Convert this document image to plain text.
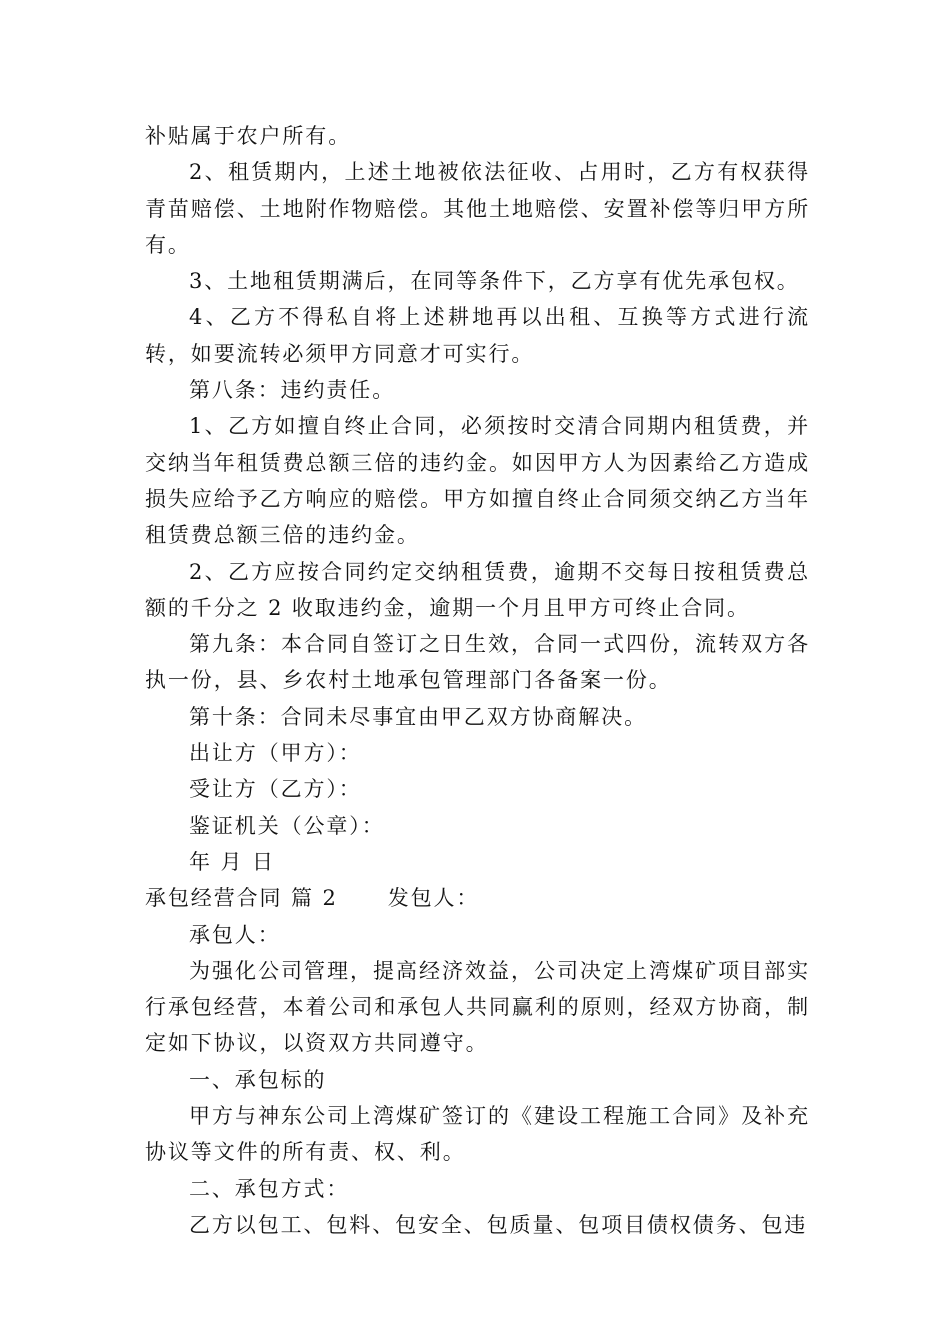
补贴属于农户所有。

2、租赁期内，上述土地被依法征收、占用时，乙方有权获得青苗赔偿、土地附作物赔偿。其他土地赔偿、安置补偿等归甲方所有。

3、土地租赁期满后，在同等条件下，乙方享有优先承包权。

4、乙方不得私自将上述耕地再以出租、互换等方式进行流转，如要流转必须甲方同意才可实行。

第八条：违约责任。

1、乙方如擅自终止合同，必须按时交清合同期内租赁费，并交纳当年租赁费总额三倍的违约金。如因甲方人为因素给乙方造成损失应给予乙方响应的赔偿。甲方如擅自终止合同须交纳乙方当年租赁费总额三倍的违约金。

2、乙方应按合同约定交纳租赁费，逾期不交每日按租赁费总额的千分之 2 收取违约金，逾期一个月且甲方可终止合同。

第九条：本合同自签订之日生效，合同一式四份，流转双方各执一份，县、乡农村土地承包管理部门各备案一份。

第十条：合同未尽事宜由甲乙双方协商解决。

出让方（甲方）：

受让方（乙方）：

鉴证机关（公章）：

年 月 日

承包经营合同 篇 2 发包人：

承包人：

为强化公司管理，提高经济效益，公司决定上湾煤矿项目部实行承包经营，本着公司和承包人共同赢利的原则，经双方协商，制定如下协议，以资双方共同遵守。

一、承包标的

甲方与神东公司上湾煤矿签订的《建设工程施工合同》及补充协议等文件的所有责、权、利。

二、承包方式：

乙方以包工、包料、包安全、包质量、包项目债权债务、包违
